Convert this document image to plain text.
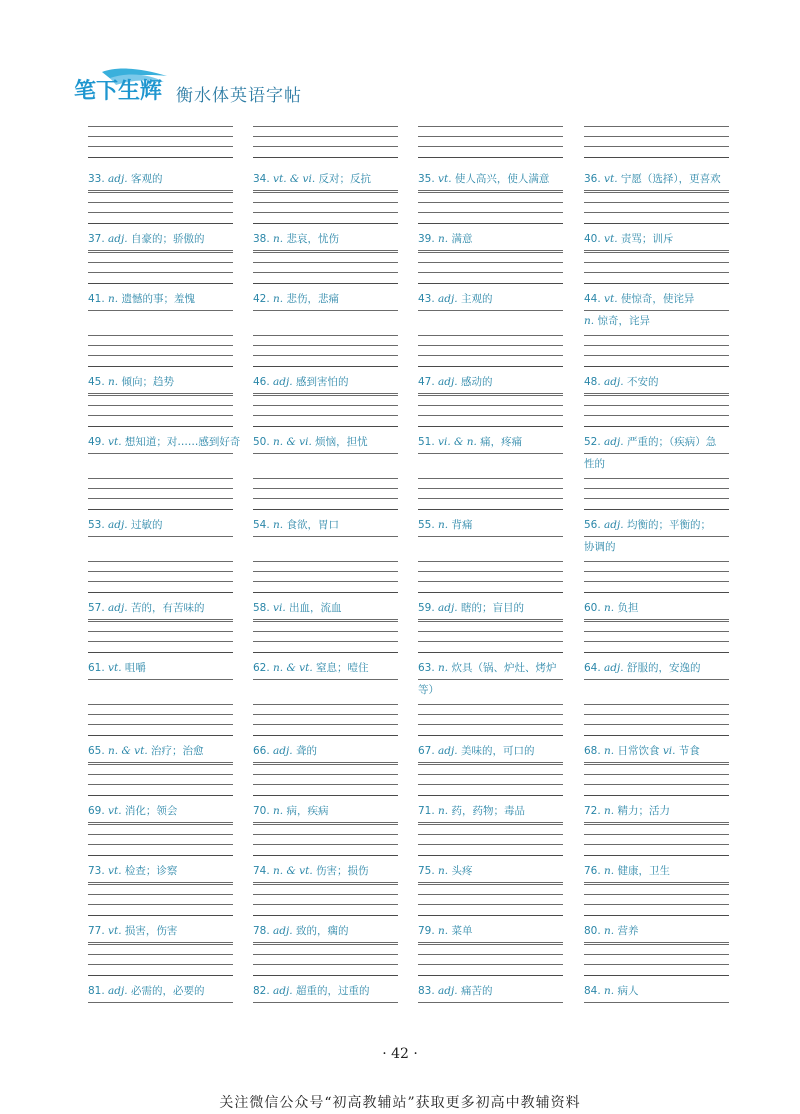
笔下生辉 衡水体英语字帖
33. adj. 客观的
37. adj. 自豪的；骄傲的
41. n. 遗憾的事；羞愧
45. n. 倾向；趋势
49. vt. 想知道；对……感到好奇
53. adj. 过敏的
57. adj. 苦的，有苦味的
61. vt. 咀嚼
65. n. & vt. 治疗；治愈
69. vt. 消化；领会
73. vt. 检查；诊察
77. vt. 损害，伤害
81. adj. 必需的，必要的
34. vt. & vi. 反对；反抗
38. n. 悲哀，忧伤
42. n. 悲伤，悲痛
46. adj. 感到害怕的
50. n. & vi. 烦恼，担忧
54. n. 食欲，胃口
58. vi. 出血，流血
62. n. & vt. 窒息；噎住
66. adj. 聋的
70. n. 病，疾病
74. n. & vt. 伤害；损伤
78. adj. 致的，瘸的
82. adj. 超重的，过重的
35. vt. 使人高兴，使人满意
39. n. 满意
43. adj. 主观的
47. adj. 感动的
51. vi. & n. 痛，疼痛
55. n. 背痛
59. adj. 瞎的；盲目的
63. n. 炊具（锅、炉灶、烤炉
等）
67. adj. 美味的，可口的
71. n. 药，药物；毒品
75. n. 头疼
79. n. 菜单
83. adj. 痛苦的
36. vt. 宁愿（选择），更喜欢
40. vt. 责骂；训斥
44. vt. 使惊奇，使诧异
n. 惊奇，诧异
48. adj. 不安的
52. adj. 严重的；（疾病）急
性的
56. adj. 均衡的；平衡的；
协调的
60. n. 负担
64. adj. 舒服的，安逸的
68. n. 日常饮食 vi. 节食
72. n. 精力；活力
76. n. 健康，卫生
80. n. 营养
84. n. 病人
· 42 ·
关注微信公众号“初高教辅站”获取更多初高中教辅资料
